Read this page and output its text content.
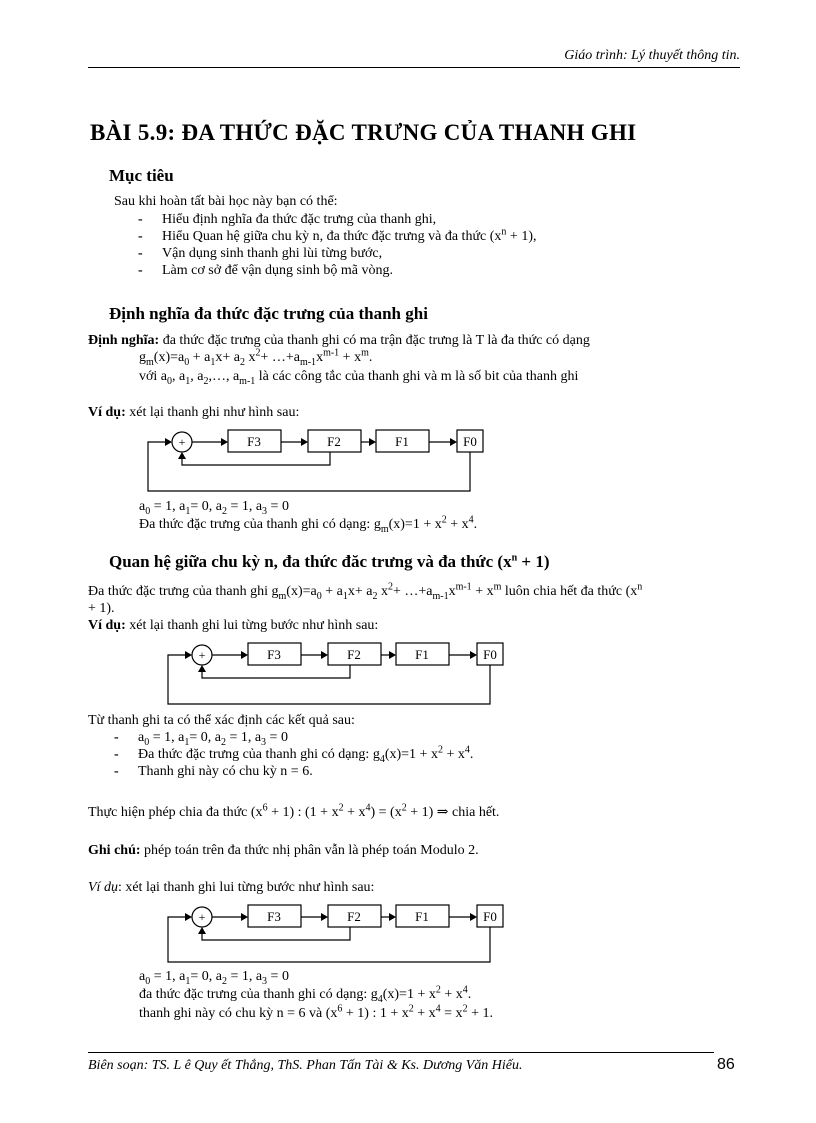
Giáo trình: Lý thuyết thông tin.
BÀI 5.9: ĐA THỨC ĐẶC TRƯNG CỦA THANH GHI
Mục tiêu
Sau khi hoàn tất bài học này bạn có thể:
- Hiểu định nghĩa đa thức đặc trưng của thanh ghi,
- Hiểu Quan hệ giữa chu kỳ n, đa thức đặc trưng và đa thức $(x^n + 1)$,
- Vận dụng sinh thanh ghi lùi từng bước,
- Làm cơ sở để vận dụng sinh bộ mã vòng.
Định nghĩa đa thức đặc trưng của thanh ghi
Định nghĩa: đa thức đặc trưng của thanh ghi có ma trận đặc trưng là T là đa thức có dạng
$g_m(x)=a_0 + a_1x+ a_2$ $x^2+$ $\dots+a_{m-1}x^{m-1} + x^m$.
với $a_0$, $a_1$, $a_2,\dots$, $a_{m-1}$ là các công tắc của thanh ghi và m là số bit của thanh ghi
Ví dụ: xét lại thanh ghi như hình sau:
+	F3	F2	F1	F0
$a_0 = 1$, $a_1= 0$, $a_2 = 1$, $a_3 = 0$
Đa thức đặc trưng của thanh ghi có dạng: $g_m(x)=1 + x^2 + x^4$.
Quan hệ giữa chu kỳ n, đa thức đăc trưng và đa thức $(x^n + 1)$
Đa thức đặc trưng của thanh ghi $g_m(x)=a_0 + a_1x+ a_2$ $x^2+$ $\dots+a_{m-1}x^{m-1} + x^m$ luôn chia hết đa thức ($x^n$
+ 1).
Ví dụ: xét lại thanh ghi lui từng bước như hình sau:
+	F3	F2	F1	F0
Từ thanh ghi ta có thể xác định các kết quả sau:
- $a_0 = 1$, $a_1= 0$, $a_2 = 1$, $a_3 = 0$
- Đa thức đặc trưng của thanh ghi có dạng: $g_4(x)=1 + x^2 + x^4$.
- Thanh ghi này có chu kỳ n = 6.
Thực hiện phép chia đa thức $(x^6 + 1)$ : $(1 + x^2 + x^4) = (x^2 + 1)$ ⇒ chia hết.
Ghi chú: phép toán trên đa thức nhị phân vẫn là phép toán Modulo 2.
Ví dụ: xét lại thanh ghi lui từng bước như hình sau:
+	F3	F2	F1	F0
$a_0 = 1$, $a_1= 0$, $a_2 = 1$, $a_3 = 0$
đa thức đặc trưng của thanh ghi có dạng: $g_4(x)=1 + x^2 + x^4$.
thanh ghi này có chu kỳ n = 6 và $(x^6 + 1)$ : $1 + x^2 + x^4 = x^2 + 1$.
Biên soạn: TS. L ê Quy ết Thắng, ThS. Phan Tấn Tài & Ks. Dương Văn Hiếu.	86
